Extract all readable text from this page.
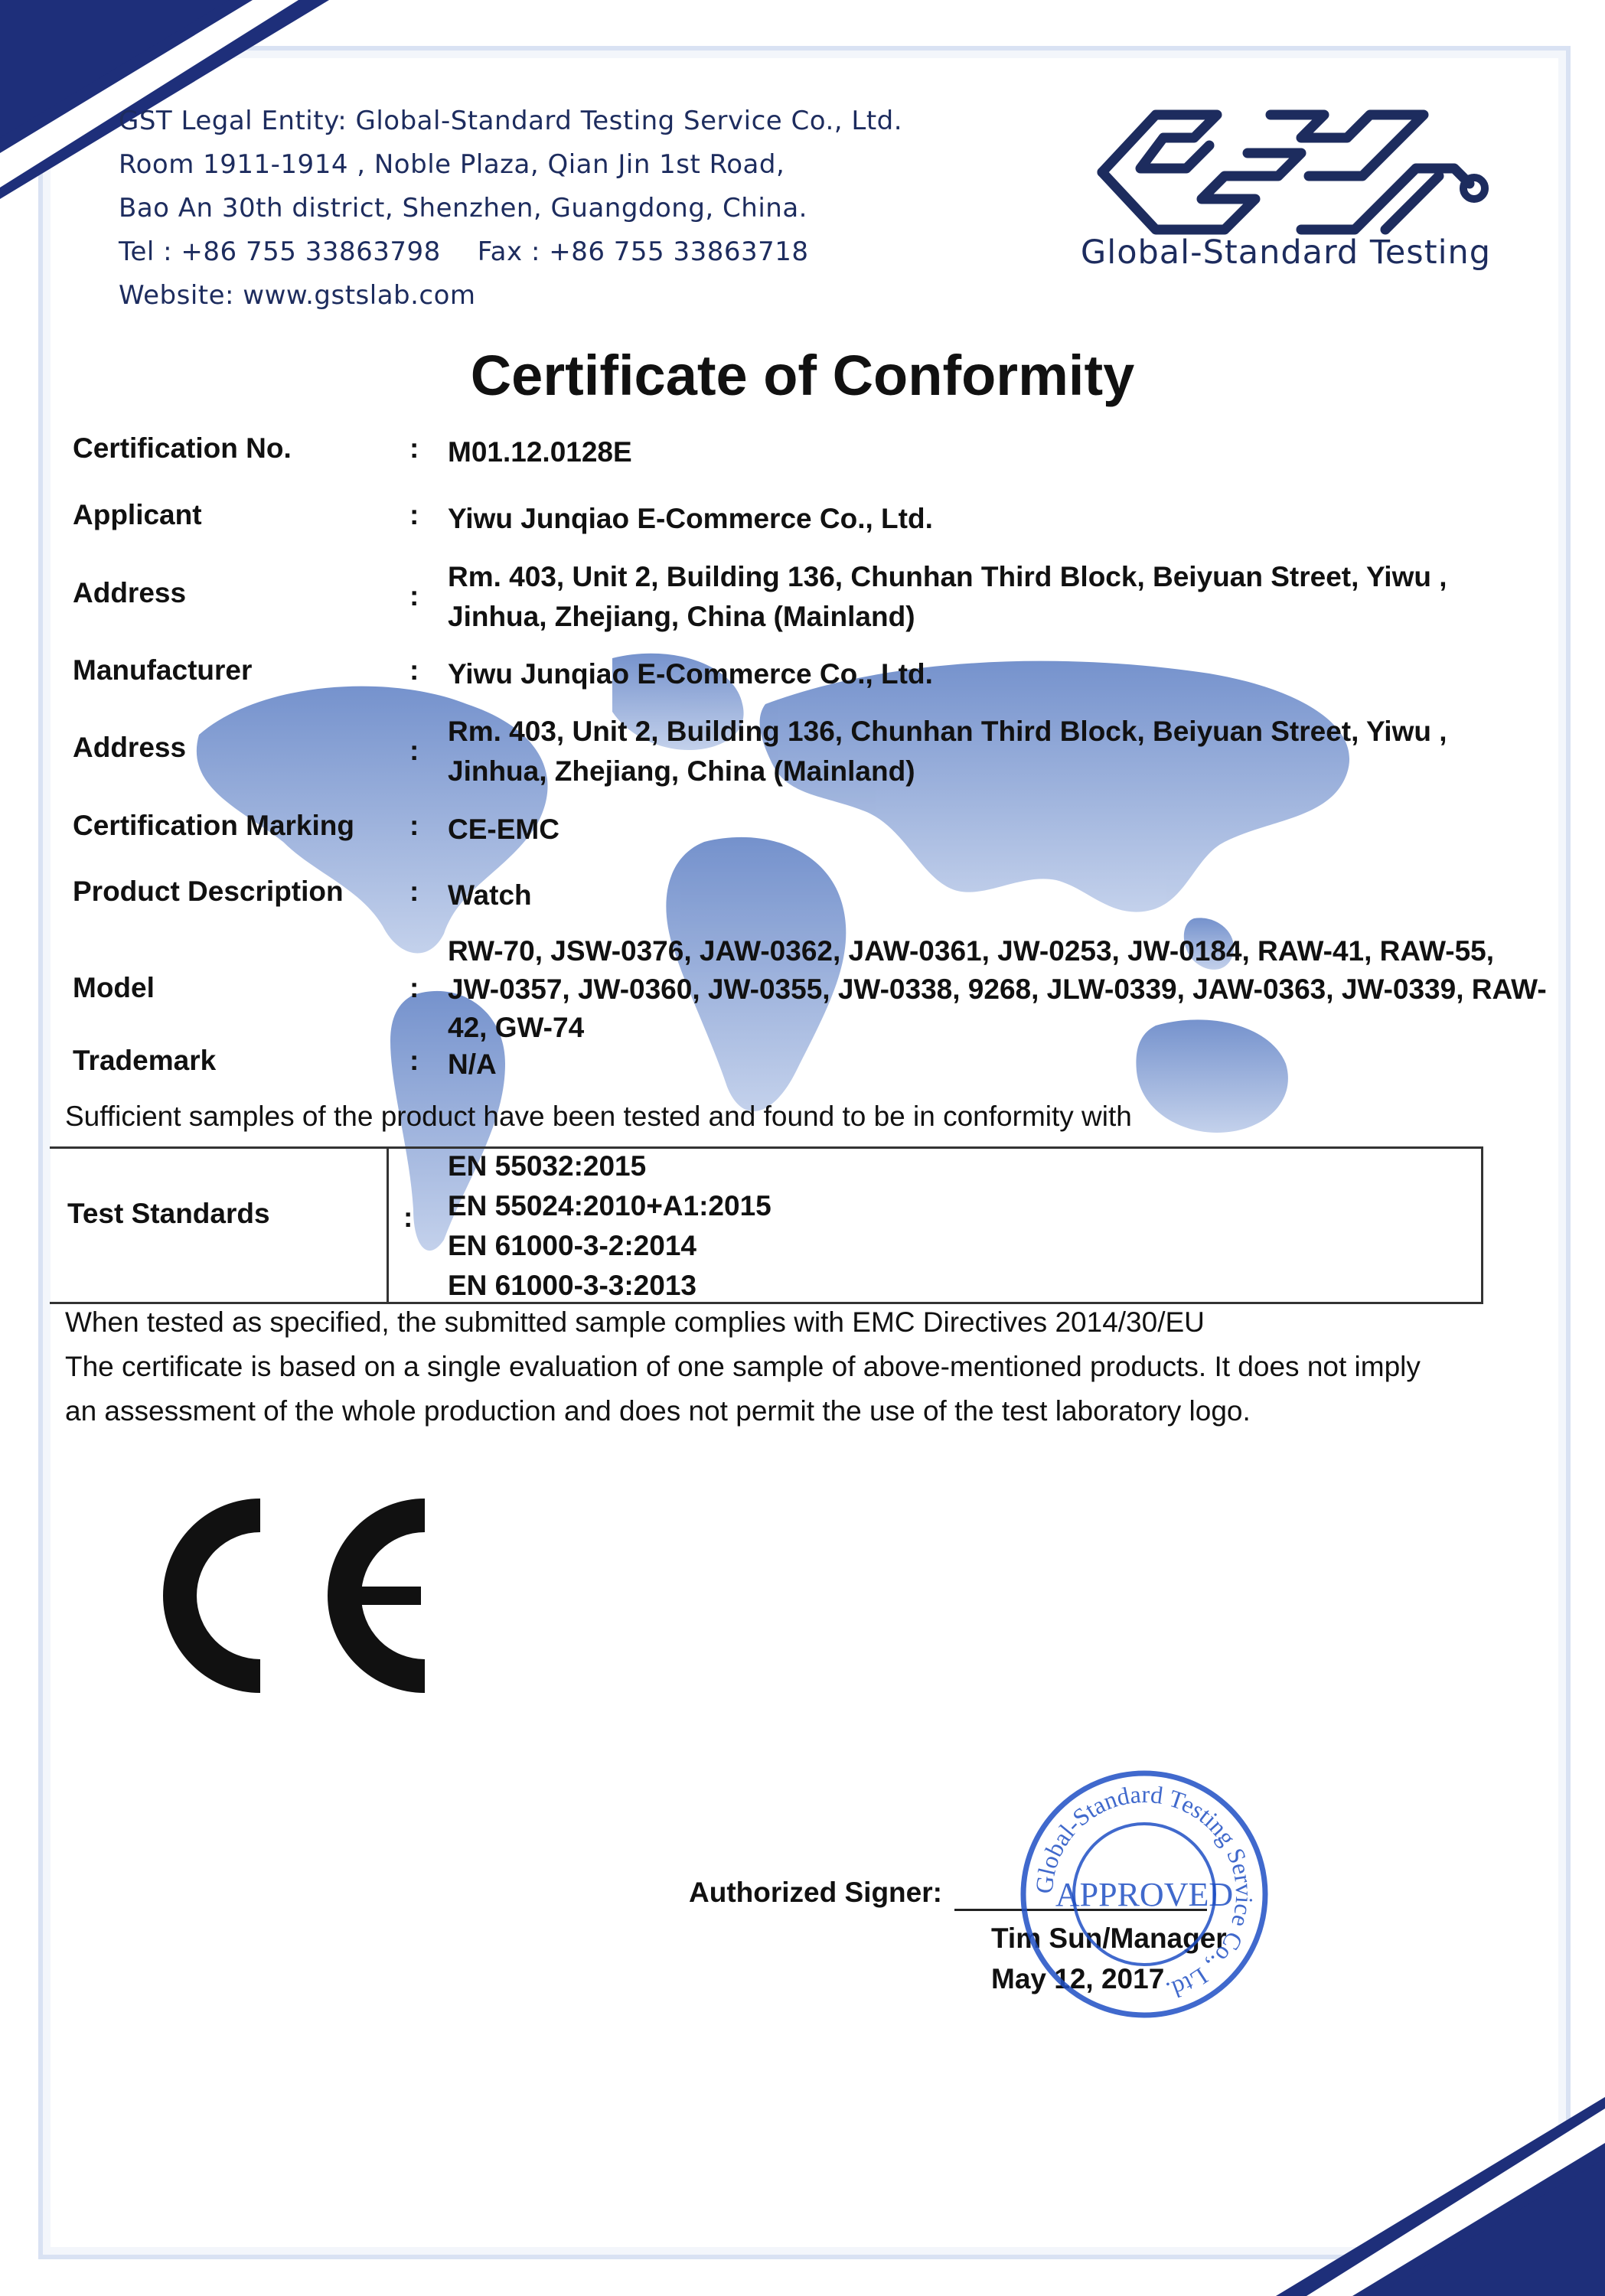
GST Legal Entity: Global-Standard Testing Service Co., Ltd.
Room 1911-1914 , Noble Plaza, Qian Jin 1st Road,
Bao An 30th district, Shenzhen, Guangdong, China.
Tel : +86 755 33863798 Fax : +86 755 33863718
Website: www.gstslab.com
Global-Standard Testing
Certificate of Conformity
Certification No.	: M01.12.0128E
Applicant	: Yiwu Junqiao E-Commerce Co., Ltd.
Address	:
Rm. 403, Unit 2, Building 136, Chunhan Third Block, Beiyuan Street, Yiwu , Jinhua, Zhejiang, China (Mainland)
Manufacturer	: Yiwu Junqiao E-Commerce Co., Ltd.
Address	:
Rm. 403, Unit 2, Building 136, Chunhan Third Block, Beiyuan Street, Yiwu , Jinhua, Zhejiang, China (Mainland)
Certification Marking : CE-EMC
Product Description : Watch
Model	:
RW-70, JSW-0376, JAW-0362, JAW-0361, JW-0253, JW-0184, RAW-41, RAW-55, JW-0357, JW-0360, JW-0355, JW-0338, 9268, JLW-0339, JAW-0363, JW-0339, RAW-42, GW-74
Trademark	: N/A
Sufficient samples of the product have been tested and found to be in conformity with
Test Standards	:
EN 55032:2015
EN 55024:2010+A1:2015
EN 61000-3-2:2014
EN 61000-3-3:2013
When tested as specified, the submitted sample complies with EMC Directives 2014/30/EU
The certificate is based on a single evaluation of one sample of above-mentioned products. It does not imply
an assessment of the whole production and does not permit the use of the test laboratory logo.
Authorized Signer:
Tim Sun/Manager
May 12, 2017
Global-Standard Testing Service Co., Ltd.
APPROVED
